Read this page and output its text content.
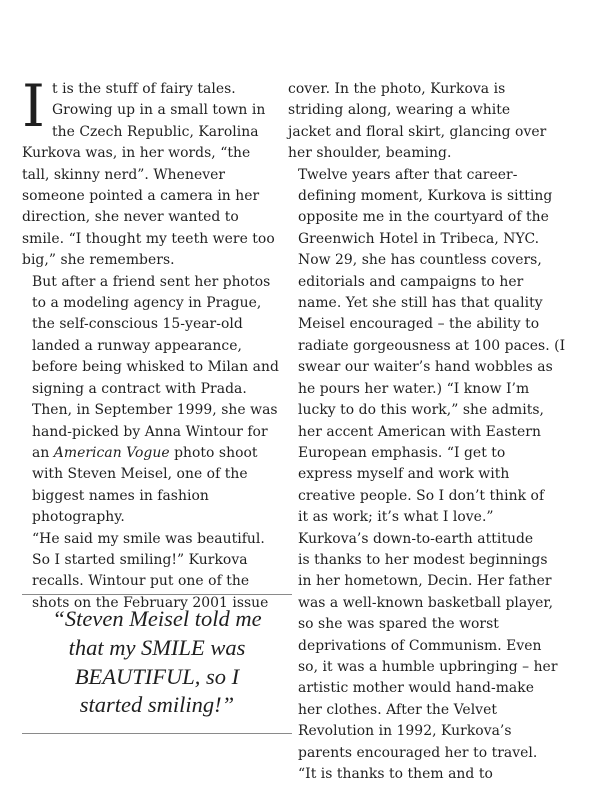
I t is the stuff of fairy tales.
Growing up in a small town in
the Czech Republic, Karolina
Kurkova was, in her words, “the
tall, skinny nerd”. Whenever
someone pointed a camera in her
direction, she never wanted to
smile. “I thought my teeth were too
big,” she remembers.

But after a friend sent her photos
to a modeling agency in Prague,
the self-conscious 15-year-old
landed a runway appearance,
before being whisked to Milan and
signing a contract with Prada.
Then, in September 1999, she was
hand-picked by Anna Wintour for
an American Vogue photo shoot
with Steven Meisel, one of the
biggest names in fashion
photography.

“He said my smile was beautiful.
So I started smiling!” Kurkova
recalls. Wintour put one of the
shots on the February 2001 issue

“Steven Meisel told me
that my SMILE was
BEAUTIFUL, so I
started smiling!”

cover. In the photo, Kurkova is
striding along, wearing a white
jacket and floral skirt, glancing over
her shoulder, beaming.

Twelve years after that career-
defining moment, Kurkova is sitting
opposite me in the courtyard of the
Greenwich Hotel in Tribeca, NYC.
Now 29, she has countless covers,
editorials and campaigns to her
name. Yet she still has that quality
Meisel encouraged – the ability to
radiate gorgeousness at 100 paces. (I
swear our waiter’s hand wobbles as
he pours her water.) “I know I’m
lucky to do this work,” she admits,
her accent American with Eastern
European emphasis. “I get to
express myself and work with
creative people. So I don’t think of
it as work; it’s what I love.”

Kurkova’s down-to-earth attitude
is thanks to her modest beginnings
in her hometown, Decin. Her father
was a well-known basketball player,
so she was spared the worst
deprivations of Communism. Even
so, it was a humble upbringing – her
artistic mother would hand-make
her clothes. After the Velvet
Revolution in 1992, Kurkova’s
parents encouraged her to travel.
“It is thanks to them and to
